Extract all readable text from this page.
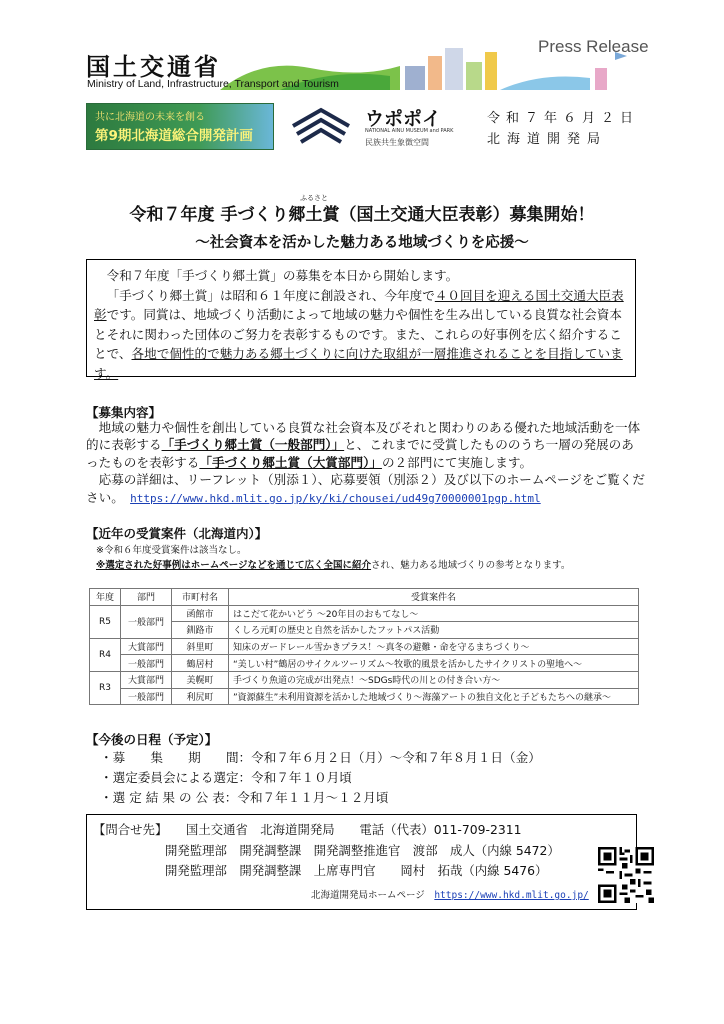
国土交通省
Ministry of Land, Infrastructure, Transport and Tourism
Press Release
共に北海道の未来を創る
第9期北海道総合開発計画
ウポポイ
NATIONAL AINU MUSEUM and PARK
民族共生象徴空間
令和７年６月２日
北海道開発局
ふるさと
令和７年度 手づくり郷土賞（国土交通大臣表彰）募集開始！
～社会資本を活かした魅力ある地域づくりを応援～

令和７年度「手づくり郷土賞」の募集を本日から開始します。

「手づくり郷土賞」は昭和６１年度に創設され、今年度で４０回目を迎える国土交通大臣表彰です。同賞は、地域づくり活動によって地域の魅力や個性を生み出している良質な社会資本とそれに関わった団体のご努力を表彰するものです。また、これらの好事例を広く紹介することで、各地で個性的で魅力ある郷土づくりに向けた取組が一層推進されることを目指しています。

【募集内容】

地域の魅力や個性を創出している良質な社会資本及びそれと関わりのある優れた地域活動を一体的に表彰する「手づくり郷土賞（一般部門）」と、これまでに受賞したもののうち一層の発展のあったものを表彰する「手づくり郷土賞（大賞部門）」の２部門にて実施します。

応募の詳細は、リーフレット（別添１）、応募要領（別添２）及び以下のホームページをご覧ください。　 https://www.hkd.mlit.go.jp/ky/ki/chousei/ud49g70000001pgp.html

【近年の受賞案件（北海道内）】
※令和６年度受賞案件は該当なし。
※選定された好事例はホームページなどを通じて広く全国に紹介され、魅力ある地域づくりの参考となります。
年度	部門	市町村名	受賞案件名
R5	一般部門	函館市	はこだて花かいどう ～20年目のおもてなし～
		釧路市	くしろ元町の歴史と自然を活かしたフットパス活動
R4	大賞部門	斜里町	知床のガードレール雪かきプラス！～真冬の避難・命を守るまちづくり～
	一般部門	鶴居村	“美しい村”鶴居のサイクルツーリズム～牧歌的風景を活かしたサイクリストの聖地へ～
R3	大賞部門	美幌町	手づくり魚道の完成が出発点！～SDGs時代の川との付き合い方～
	一般部門	利尻町	”資源蘇生”未利用資源を活かした地域づくり～海藻アートの独自文化と子どもたちへの継承～
【今後の日程（予定）】

・募　　集　　期　　間：令和７年６月２日（月）～令和７年８月１日（金）

・選定委員会による選定：令和７年１０月頃

・選 定 結 果 の 公 表：令和７年１１月～１２月頃

【問合せ先】　　国土交通省　北海道開発局　　電話（代表）011-709-2311
開発監理部　開発調整課　開発調整推進官　渡部　成人（内線 5472）
開発監理部　開発調整課　上席専門官　　岡村　拓哉（内線 5476）
北海道開発局ホームページ　 https://www.hkd.mlit.go.jp/
